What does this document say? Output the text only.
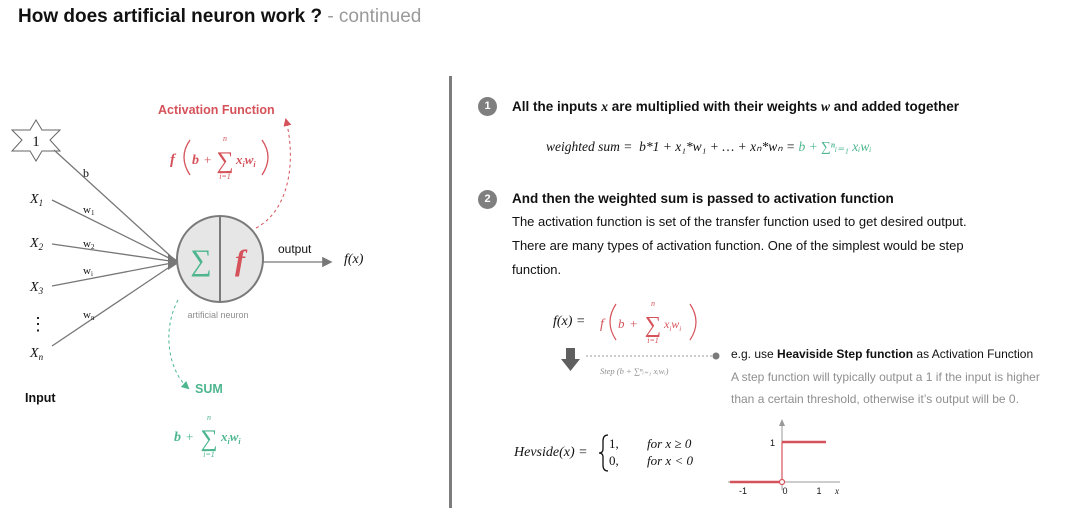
How does artificial neuron work ? - continued
1
$X_1$
$X_2$
$X_3$
⋮
$X_n$
b
w1
w2
wi
wn
∑ f
artificial neuron
output
f(x)
Activation Function
f b +
n
∑
i=1
$x_iw_i$
SUM
b +
n
∑
i=1
$x_iw_i$
Input
1	All the inputs x are multiplied with their weights w and added together
weighted sum = b*1 + x₁*w₁ + … + xₙ*wₙ = b + ∑ⁿᵢ₌₁ xᵢwᵢ
2	And then the weighted sum is passed to activation function
The activation function is set of the transfer function used to get desired output.
There are many types of activation function. One of the simplest would be step
function.
f(x) = f b +
n
∑
i=1
$x_iw_i$
Step (b + ∑ⁿᵢ₌₁ xᵢwᵢ)
e.g. use Heaviside Step function as Activation Function
A step function will typically output a 1 if the input is higher
than a certain threshold, otherwise it’s output will be 0.
Hevside(x) =
1, for x ≥ 0
0, for x < 0
-1	0	1 x
1
